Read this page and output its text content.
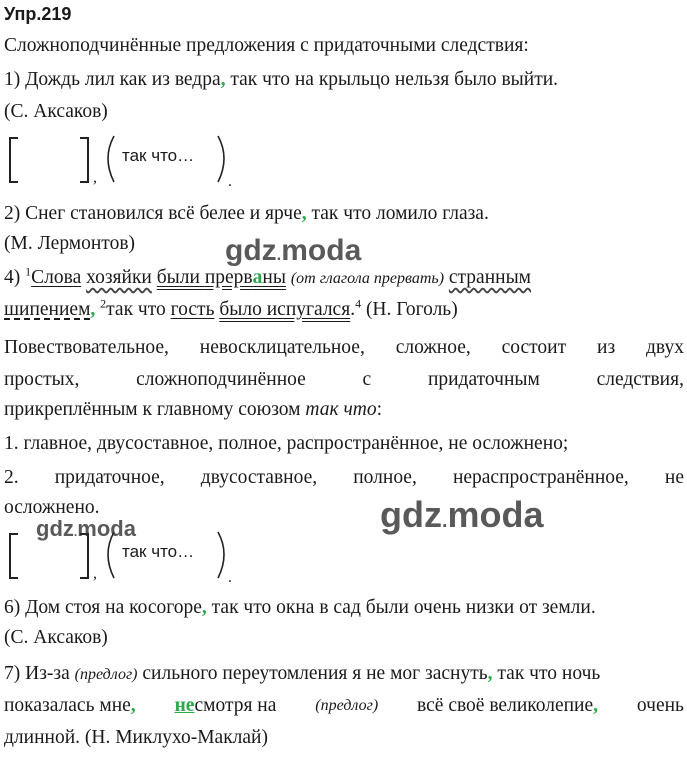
Упр.219
Сложноподчинённые предложения с придаточными следствия:
1) Дождь лил как из ведра, так что на крыльцо нельзя было выйти.
(С. Аксаков)
,	.
так что…
2) Снег становился всё белее и ярче, так что ломило глаза.
(М. Лермонтов)
4) $^1$Слова хозяйки были прерваны (от глагола прервать) странным
шипением, $^2$так что гость было испугался.$^4$ (Н. Гоголь)
Повествовательное, невосклицательное, сложное, состоит из двух
простых,	сложноподчинённое	с	придаточным	следствия,
прикреплённым к главному союзом так что:
1. главное, двусоставное, полное, распространённое, не осложнено;
2. придаточное, двусоставное, полное, нераспространённое, не
осложнено.
,	.
так что…
6) Дом стоя на косогоре, так что окна в сад были очень низки от земли.
(С. Аксаков)
7) Из-за (предлог) сильного переутомления я не мог заснуть, так что ночь
показалась мне, несмотря на (предлог) всё своё великолепие, очень
длинной. (Н. Миклухо-Маклай)
gdz.moda
gdz.moda
gdz.moda
